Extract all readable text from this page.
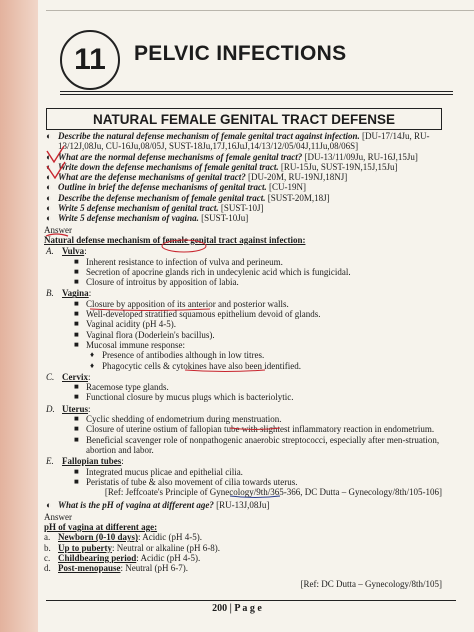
11 PELVIC INFECTIONS
NATURAL FEMALE GENITAL TRACT DEFENSE
◐ Describe the natural defense mechanism of female genital tract against infection. [DU-17/14Ju, RU-13/12J,08Ju, CU-16Ju,08/05J, SUST-18Ju,17J,16JuJ,14/13/12/05/04J,11Ju,08/06S]
◐ What are the normal defense mechanisms of female genital tract? [DU-13/11/09Ju, RU-16J,15Ju]
◐ Write down the defense mechanisms of female genital tract. [RU-15Ju, SUST-19N,15J,15Ju]
◐ What are the defense mechanisms of genital tract? [DU-20M, RU-19NJ,18NJ]
◐ Outline in brief the defense mechanisms of genital tract. [CU-19N]
◐ Describe the defense mechanism of female genital tract. [SUST-20M,18J]
◐ Write 5 defense mechanism of genital tract. [SUST-10J]
◐ Write 5 defense mechanism of vagina. [SUST-10Ju]
Answer
Natural defense mechanism of female genital tract against infection:
A. Vulva:
■ Inherent resistance to infection of vulva and perineum.
■ Secretion of apocrine glands rich in undecylenic acid which is fungicidal.
■ Closure of introitus by apposition of labia.
B. Vagina:
■ Closure by apposition of its anterior and posterior walls.
■ Well-developed stratified squamous epithelium devoid of glands.
■ Vaginal acidity (pH 4-5).
■ Vaginal flora (Doderlein's bacillus).
■ Mucosal immune response:
♦ Presence of antibodies although in low titres.
♦ Phagocytic cells & cytokines have also been identified.
C. Cervix:
■ Racemose type glands.
■ Functional closure by mucus plugs which is bacteriolytic.
D. Uterus:
■ Cyclic shedding of endometrium during menstruation.
■ Closure of uterine ostium of fallopian tube with slightest inflammatory reaction in endometrium.
■ Beneficial scavenger role of nonpathogenic anaerobic streptococci, especially after men-struation, abortion and labor.
E. Fallopian tubes:
■ Integrated mucus plicae and epithelial cilia.
■ Peristatis of tube & also movement of cilia towards uterus.
[Ref: Jeffcoate's Principle of Gynecology/9th/365-366, DC Dutta – Gynecology/8th/105-106]
◐ What is the pH of vagina at different age? [RU-13J,08Ju]
Answer
pH of vagina at different age:
a. Newborn (0-10 days): Acidic (pH 4-5).
b. Up to puberty: Neutral or alkaline (pH 6-8).
c. Childbearing period: Acidic (pH 4-5).
d. Post-menopause: Neutral (pH 6-7).
[Ref: DC Dutta – Gynecology/8th/105]
200 | P a g e
